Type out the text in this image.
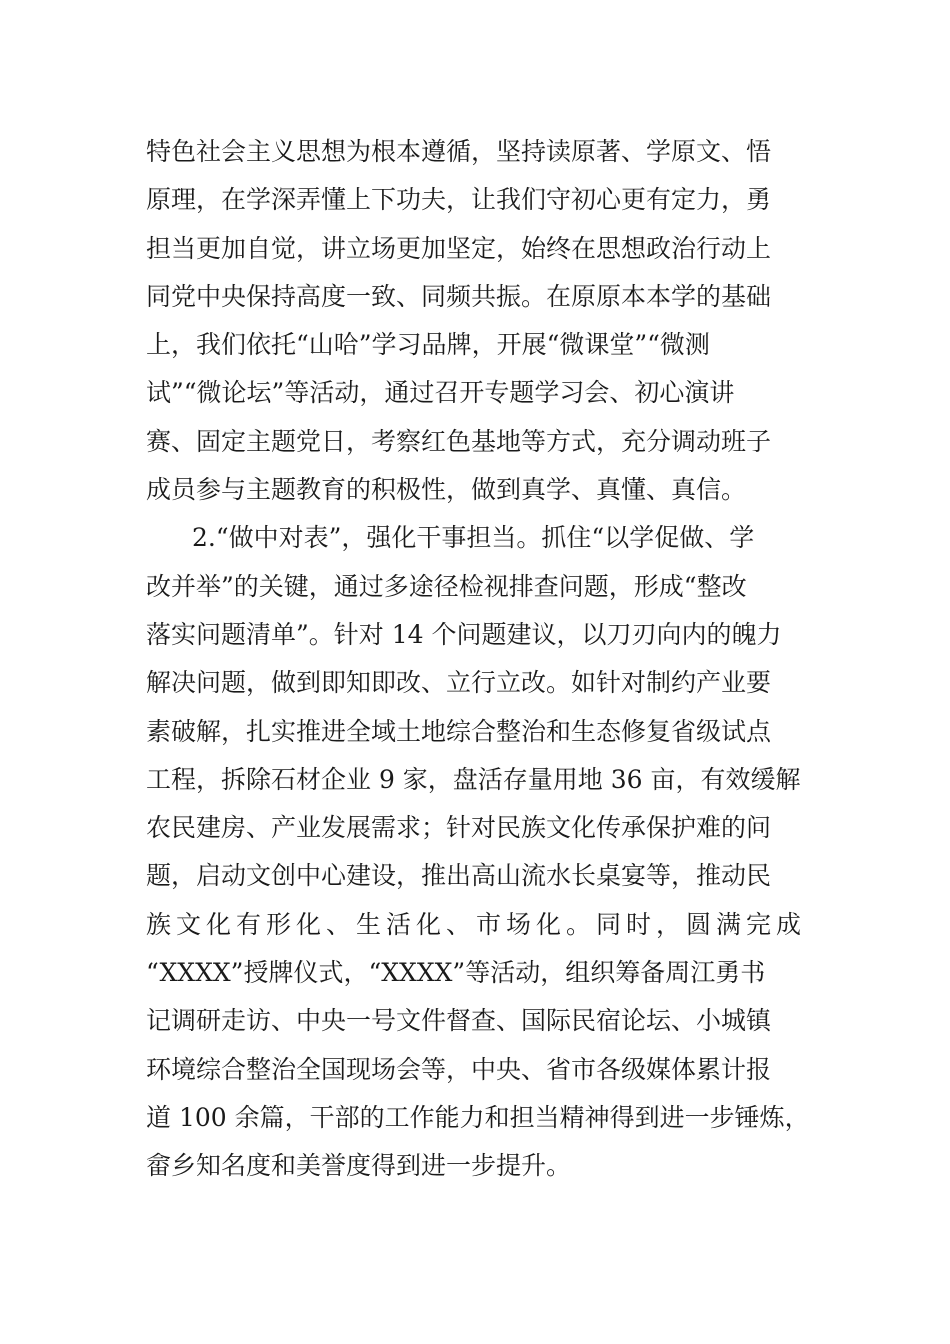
特色社会主义思想为根本遵循，坚持读原著、学原文、悟
原理，在学深弄懂上下功夫，让我们守初心更有定力，勇
担当更加自觉，讲立场更加坚定，始终在思想政治行动上
同党中央保持高度一致、同频共振。在原原本本学的基础
上，我们依托“山哈”学习品牌，开展“微课堂”“微测
试”“微论坛”等活动，通过召开专题学习会、初心演讲
赛、固定主题党日，考察红色基地等方式，充分调动班子
成员参与主题教育的积极性，做到真学、真懂、真信。
2.“做中对表”，强化干事担当。抓住“以学促做、学
改并举”的关键，通过多途径检视排查问题，形成“整改
落实问题清单”。针对 14 个问题建议，以刀刃向内的魄力
解决问题，做到即知即改、立行立改。如针对制约产业要
素破解，扎实推进全域土地综合整治和生态修复省级试点
工程，拆除石材企业 9 家，盘活存量用地 36 亩，有效缓解
农民建房、产业发展需求；针对民族文化传承保护难的问
题，启动文创中心建设，推出高山流水长桌宴等，推动民
族文化有形化、生活化、市场化。同时，圆满完成
“XXXX”授牌仪式，“XXXX”等活动，组织筹备周江勇书
记调研走访、中央一号文件督查、国际民宿论坛、小城镇
环境综合整治全国现场会等，中央、省市各级媒体累计报
道 100 余篇，干部的工作能力和担当精神得到进一步锤炼，
畲乡知名度和美誉度得到进一步提升。
